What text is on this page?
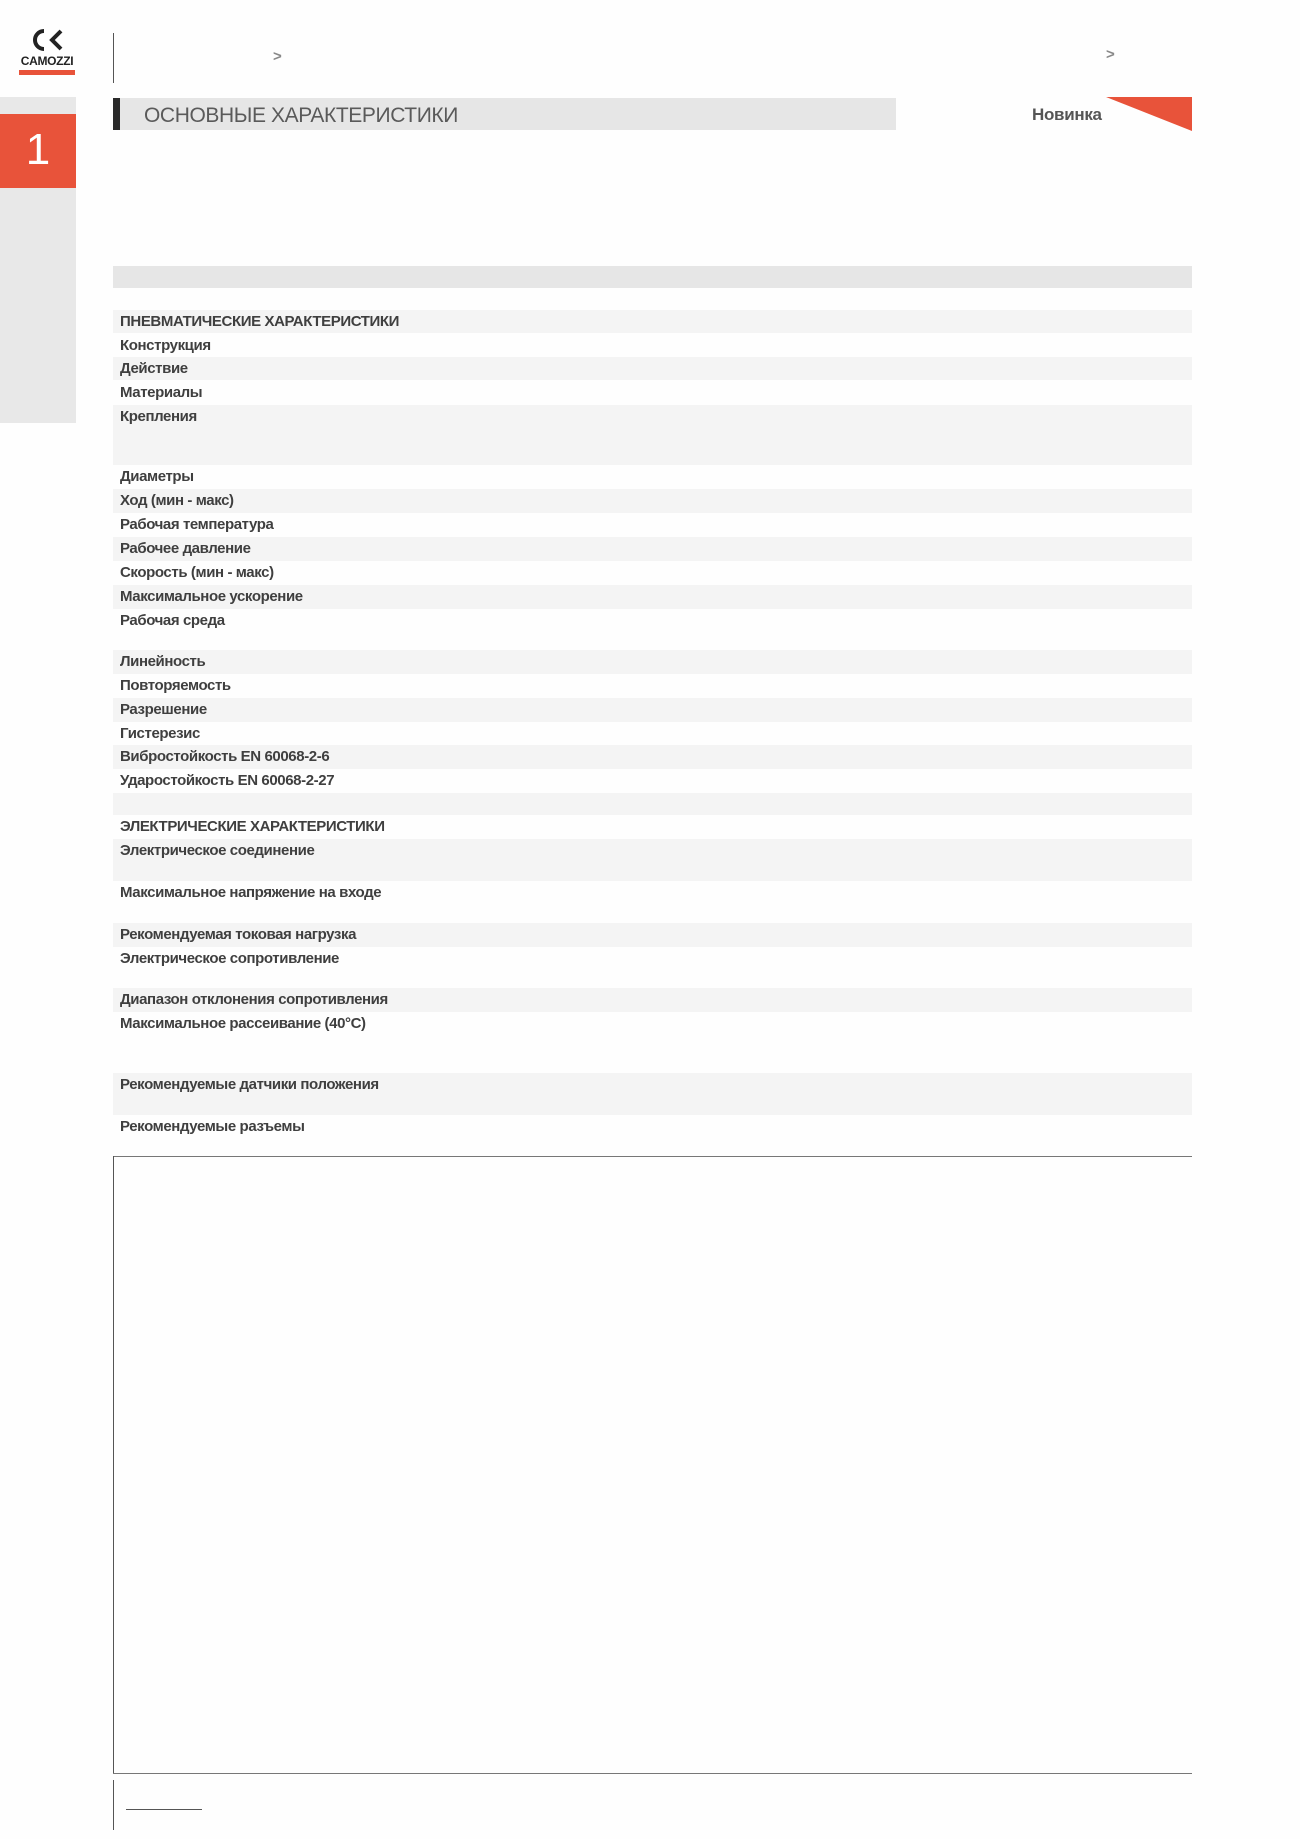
CAMOZZI
1
>	>
ОСНОВНЫЕ ХАРАКТЕРИСТИКИ	Новинка
ПНЕВМАТИЧЕСКИЕ ХАРАКТЕРИСТИКИ
Конструкция
Действие
Материалы
Крепления
Диаметры
Ход (мин - макс)
Рабочая температура
Рабочее давление
Скорость (мин - макс)
Максимальное ускорение
Рабочая среда
Линейность
Повторяемость
Разрешение
Гистерезис
Вибростойкость EN 60068-2-6
Ударостойкость EN 60068-2-27
ЭЛЕКТРИЧЕСКИЕ ХАРАКТЕРИСТИКИ
Электрическое соединение
Максимальное напряжение на входе
Рекомендуемая токовая нагрузка
Электрическое сопротивление
Диапазон отклонения сопротивления
Максимальное рассеивание (40°C)
Рекомендуемые датчики положения
Рекомендуемые разъемы
